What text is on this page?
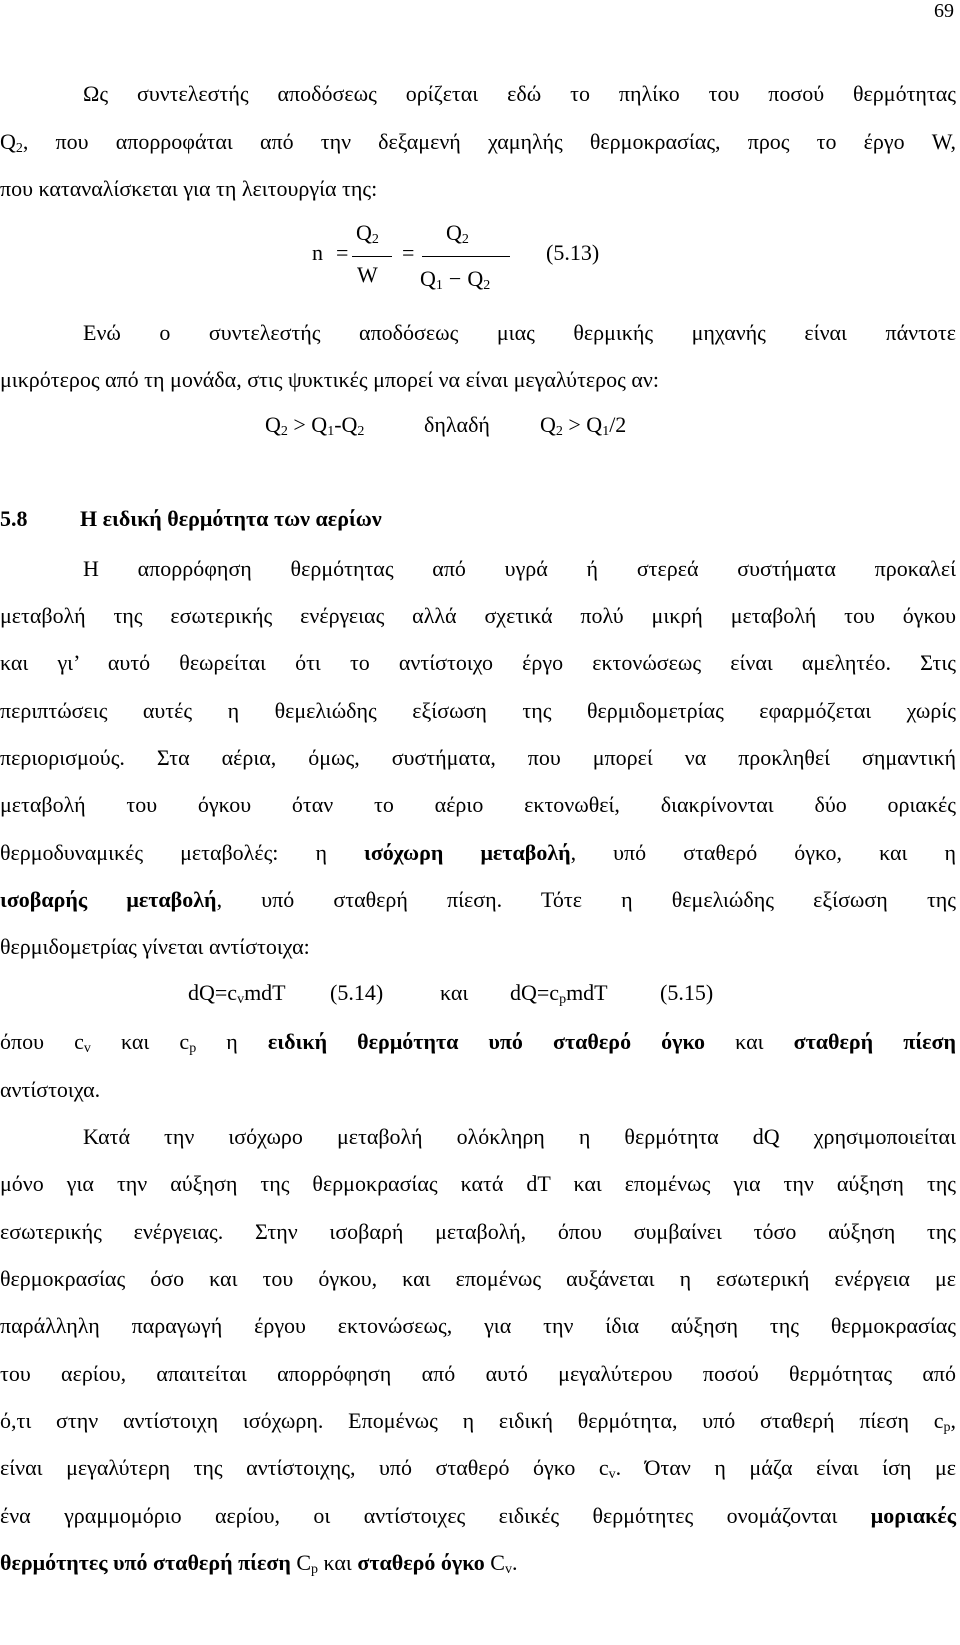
69
Ως συντελεστής αποδόσεως ορίζεται εδώ το πηλίκο του ποσού θερμότητας
$Q_2$, που απορροφάται από την δεξαμενή χαμηλής θερμοκρασίας, προς το έργο W,
που καταναλίσκεται για τη λειτουργία της:
n =
$Q_2$
W
=
$Q_2$
$Q_1 - Q_2$
(5.13)
Ενώ ο συντελεστής αποδόσεως μιας θερμικής μηχανής είναι πάντοτε
μικρότερος από τη μονάδα, στις ψυκτικές μπορεί να είναι μεγαλύτερος αν:
$Q_2 > Q_1-Q_2$	δηλαδή $Q_2 > Q_1/2$
5.8 Η ειδική θερμότητα των αερίων
Η απορρόφηση θερμότητας από υγρά ή στερεά συστήματα προκαλεί
μεταβολή της εσωτερικής ενέργειας αλλά σχετικά πολύ μικρή μεταβολή του όγκου
και γι’ αυτό θεωρείται ότι το αντίστοιχο έργο εκτονώσεως είναι αμελητέο. Στις
περιπτώσεις αυτές η θεμελιώδης εξίσωση της θερμιδομετρίας εφαρμόζεται χωρίς
περιορισμούς. Στα αέρια, όμως, συστήματα, που μπορεί να προκληθεί σημαντική
μεταβολή του όγκου όταν το αέριο εκτονωθεί, διακρίνονται δύο οριακές
θερμοδυναμικές μεταβολές: η ισόχωρη μεταβολή, υπό σταθερό όγκο, και η
ισοβαρής μεταβολή, υπό σταθερή πίεση. Τότε η θεμελιώδης εξίσωση της
θερμιδομετρίας γίνεται αντίστοιχα:
$dQ=c_vmdT$ (5.14)	και $dQ=c_pmdT$ (5.15)
όπου $c_v$ και $c_p$ η ειδική θερμότητα υπό σταθερό όγκο και σταθερή πίεση
αντίστοιχα.
Κατά την ισόχωρο μεταβολή ολόκληρη η θερμότητα dQ χρησιμοποιείται
μόνο για την αύξηση της θερμοκρασίας κατά dT και επομένως για την αύξηση της
εσωτερικής ενέργειας. Στην ισοβαρή μεταβολή, όπου συμβαίνει τόσο αύξηση της
θερμοκρασίας όσο και του όγκου, και επομένως αυξάνεται η εσωτερική ενέργεια με
παράλληλη παραγωγή έργου εκτονώσεως, για την ίδια αύξηση της θερμοκρασίας
του αερίου, απαιτείται απορρόφηση από αυτό μεγαλύτερου ποσού θερμότητας από
ό,τι στην αντίστοιχη ισόχωρη. Επομένως η ειδική θερμότητα, υπό σταθερή πίεση $c_p$,
είναι μεγαλύτερη της αντίστοιχης, υπό σταθερό όγκο $c_v$. Όταν η μάζα είναι ίση με
ένα γραμμομόριο αερίου, οι αντίστοιχες ειδικές θερμότητες ονομάζονται μοριακές
θερμότητες υπό σταθερή πίεση $C_p$ και σταθερό όγκο $C_v$.
